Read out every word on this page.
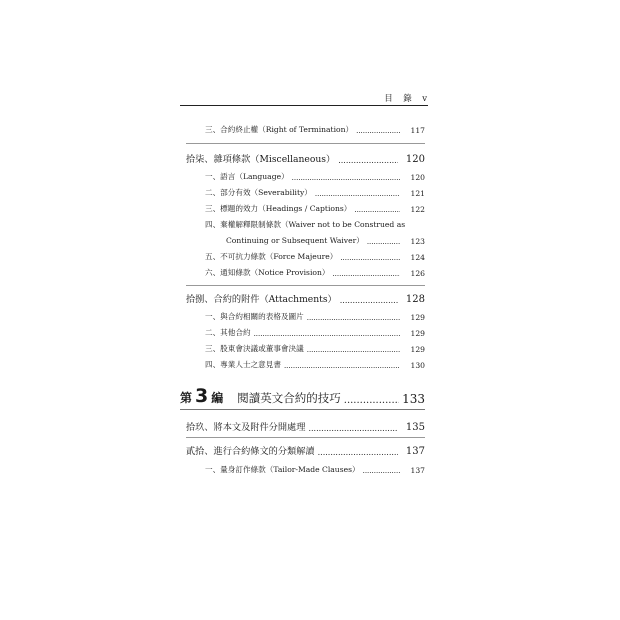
目　錄　v
三、合約終止權（Right of Termination） .....	117
拾柒、雜項條款（Miscellaneous） .....	120
一、語言（Language） .....	120
二、部分有效（Severability） .....	121
三、標題的效力（Headings / Captions） .....	122
四、棄權解釋限制條款（Waiver not to be Construed as
Continuing or Subsequent Waiver） .....	123
五、不可抗力條款（Force Majeure） .....	124
六、通知條款（Notice Provision） .....	126
拾捌、合約的附件（Attachments） .....	128
一、與合約相關的表格及圖片 .....	129
二、其他合約 .....	129
三、股東會決議或董事會決議 .....	129
四、專業人士之意見書 .....	130
第 3 編 閱讀英文合約的技巧 .....	133
拾玖、將本文及附件分開處理 .....	135
貳拾、進行合約條文的分類解讀 .....	137
一、量身訂作條款（Tailor-Made Clauses） .....	137
